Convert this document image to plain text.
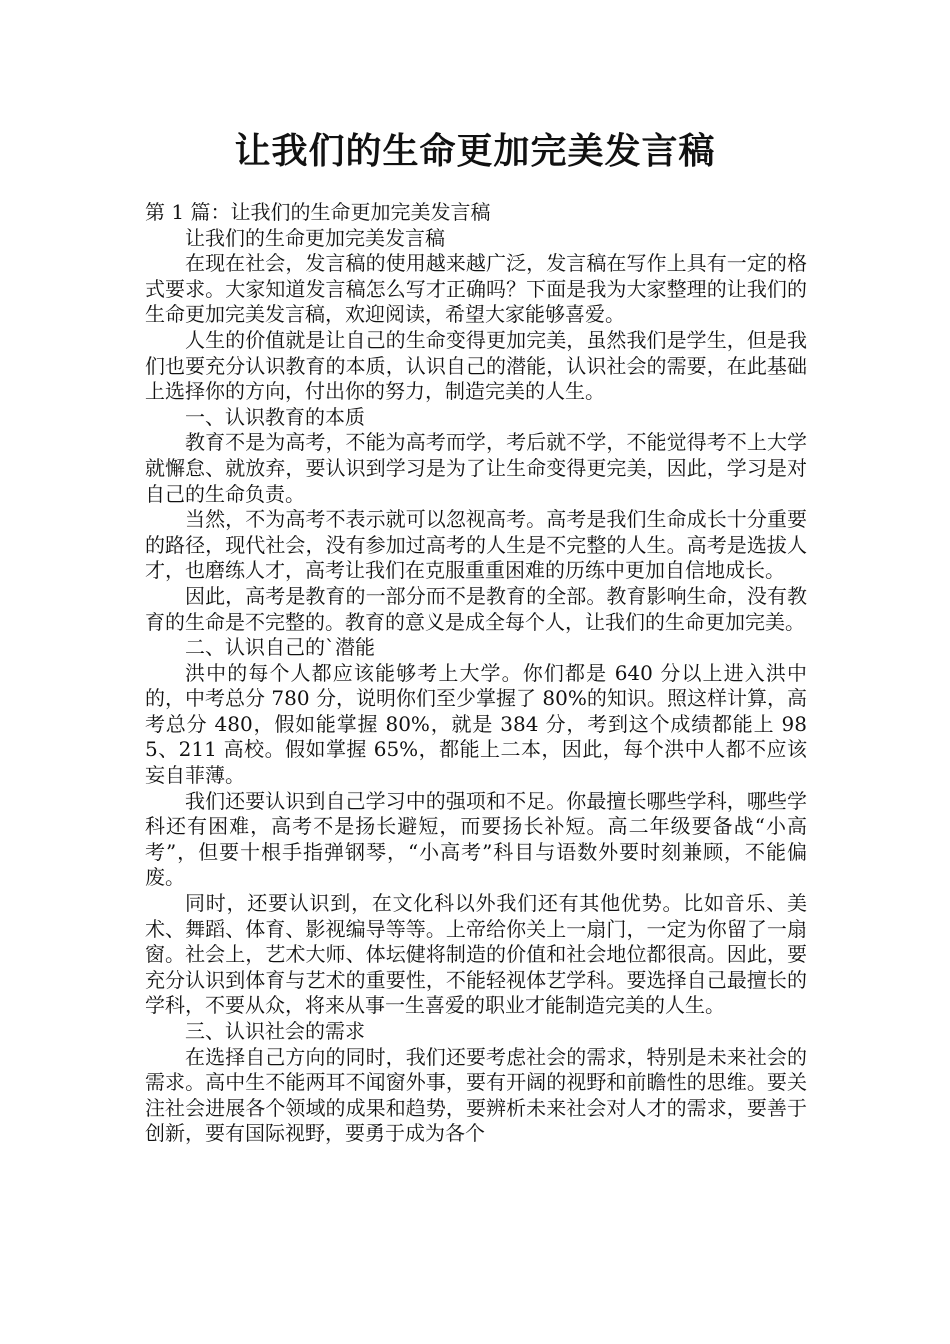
让我们的生命更加完美发言稿

第 1 篇：让我们的生命更加完美发言稿

让我们的生命更加完美发言稿

在现在社会，发言稿的使用越来越广泛，发言稿在写作上具有一定的格式要求。大家知道发言稿怎么写才正确吗？下面是我为大家整理的让我们的生命更加完美发言稿，欢迎阅读，希望大家能够喜爱。

人生的价值就是让自己的生命变得更加完美，虽然我们是学生，但是我们也要充分认识教育的本质，认识自己的潜能，认识社会的需要，在此基础上选择你的方向，付出你的努力，制造完美的人生。

一、认识教育的本质

教育不是为高考，不能为高考而学，考后就不学，不能觉得考不上大学就懈怠、就放弃，要认识到学习是为了让生命变得更完美，因此，学习是对自己的生命负责。

当然，不为高考不表示就可以忽视高考。高考是我们生命成长十分重要的路径，现代社会，没有参加过高考的人生是不完整的人生。高考是选拔人才，也磨练人才，高考让我们在克服重重困难的历练中更加自信地成长。

因此，高考是教育的一部分而不是教育的全部。教育影响生命，没有教育的生命是不完整的。教育的意义是成全每个人，让我们的生命更加完美。

二、认识自己的`潜能

洪中的每个人都应该能够考上大学。你们都是 640 分以上进入洪中的，中考总分 780 分，说明你们至少掌握了 80%的知识。照这样计算，高考总分 480，假如能掌握 80%，就是 384 分，考到这个成绩都能上 985、211 高校。假如掌握 65%，都能上二本，因此，每个洪中人都不应该妄自菲薄。

我们还要认识到自己学习中的强项和不足。你最擅长哪些学科，哪些学科还有困难，高考不是扬长避短，而要扬长补短。高二年级要备战“小高考”，但要十根手指弹钢琴，“小高考”科目与语数外要时刻兼顾，不能偏废。

同时，还要认识到，在文化科以外我们还有其他优势。比如音乐、美术、舞蹈、体育、影视编导等等。上帝给你关上一扇门，一定为你留了一扇窗。社会上，艺术大师、体坛健将制造的价值和社会地位都很高。因此，要充分认识到体育与艺术的重要性，不能轻视体艺学科。要选择自己最擅长的学科，不要从众，将来从事一生喜爱的职业才能制造完美的人生。

三、认识社会的需求

在选择自己方向的同时，我们还要考虑社会的需求，特别是未来社会的需求。高中生不能两耳不闻窗外事，要有开阔的视野和前瞻性的思维。要关注社会进展各个领域的成果和趋势，要辨析未来社会对人才的需求，要善于创新，要有国际视野，要勇于成为各个
